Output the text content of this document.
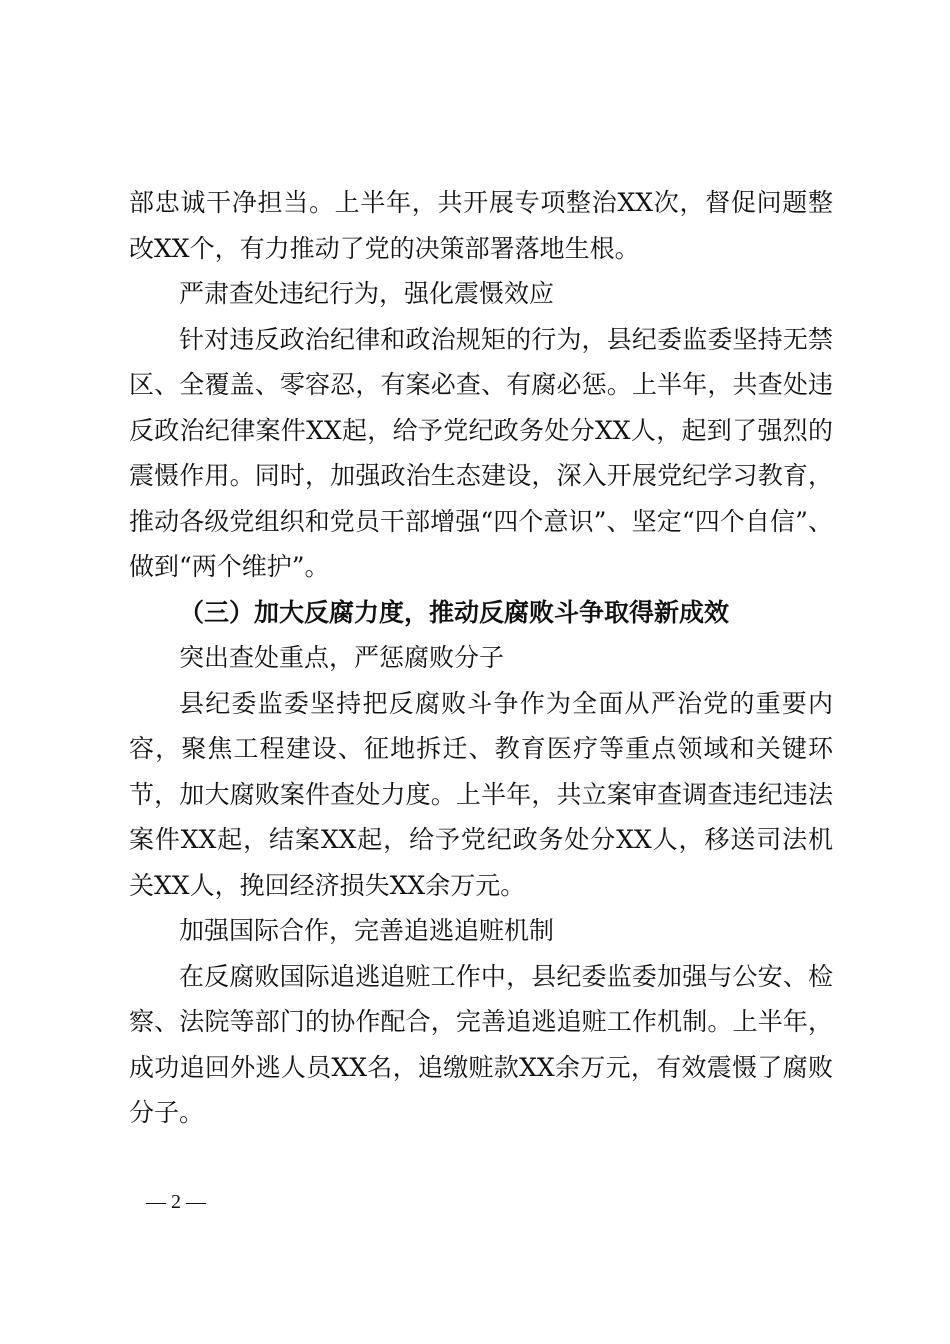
部忠诚干净担当。上半年，共开展专项整治XX次，督促问题整改XX个，有力推动了党的决策部署落地生根。

严肃查处违纪行为，强化震慑效应

针对违反政治纪律和政治规矩的行为，县纪委监委坚持无禁区、全覆盖、零容忍，有案必查、有腐必惩。上半年，共查处违反政治纪律案件XX起，给予党纪政务处分XX人，起到了强烈的震慑作用。同时，加强政治生态建设，深入开展党纪学习教育，推动各级党组织和党员干部增强“四个意识”、坚定“四个自信”、做到“两个维护”。

（三）加大反腐力度，推动反腐败斗争取得新成效

突出查处重点，严惩腐败分子

县纪委监委坚持把反腐败斗争作为全面从严治党的重要内容，聚焦工程建设、征地拆迁、教育医疗等重点领域和关键环节，加大腐败案件查处力度。上半年，共立案审查调查违纪违法案件XX起，结案XX起，给予党纪政务处分XX人，移送司法机关XX人，挽回经济损失XX余万元。

加强国际合作，完善追逃追赃机制

在反腐败国际追逃追赃工作中，县纪委监委加强与公安、检察、法院等部门的协作配合，完善追逃追赃工作机制。上半年，成功追回外逃人员XX名，追缴赃款XX余万元，有效震慑了腐败分子。

— 2 —
